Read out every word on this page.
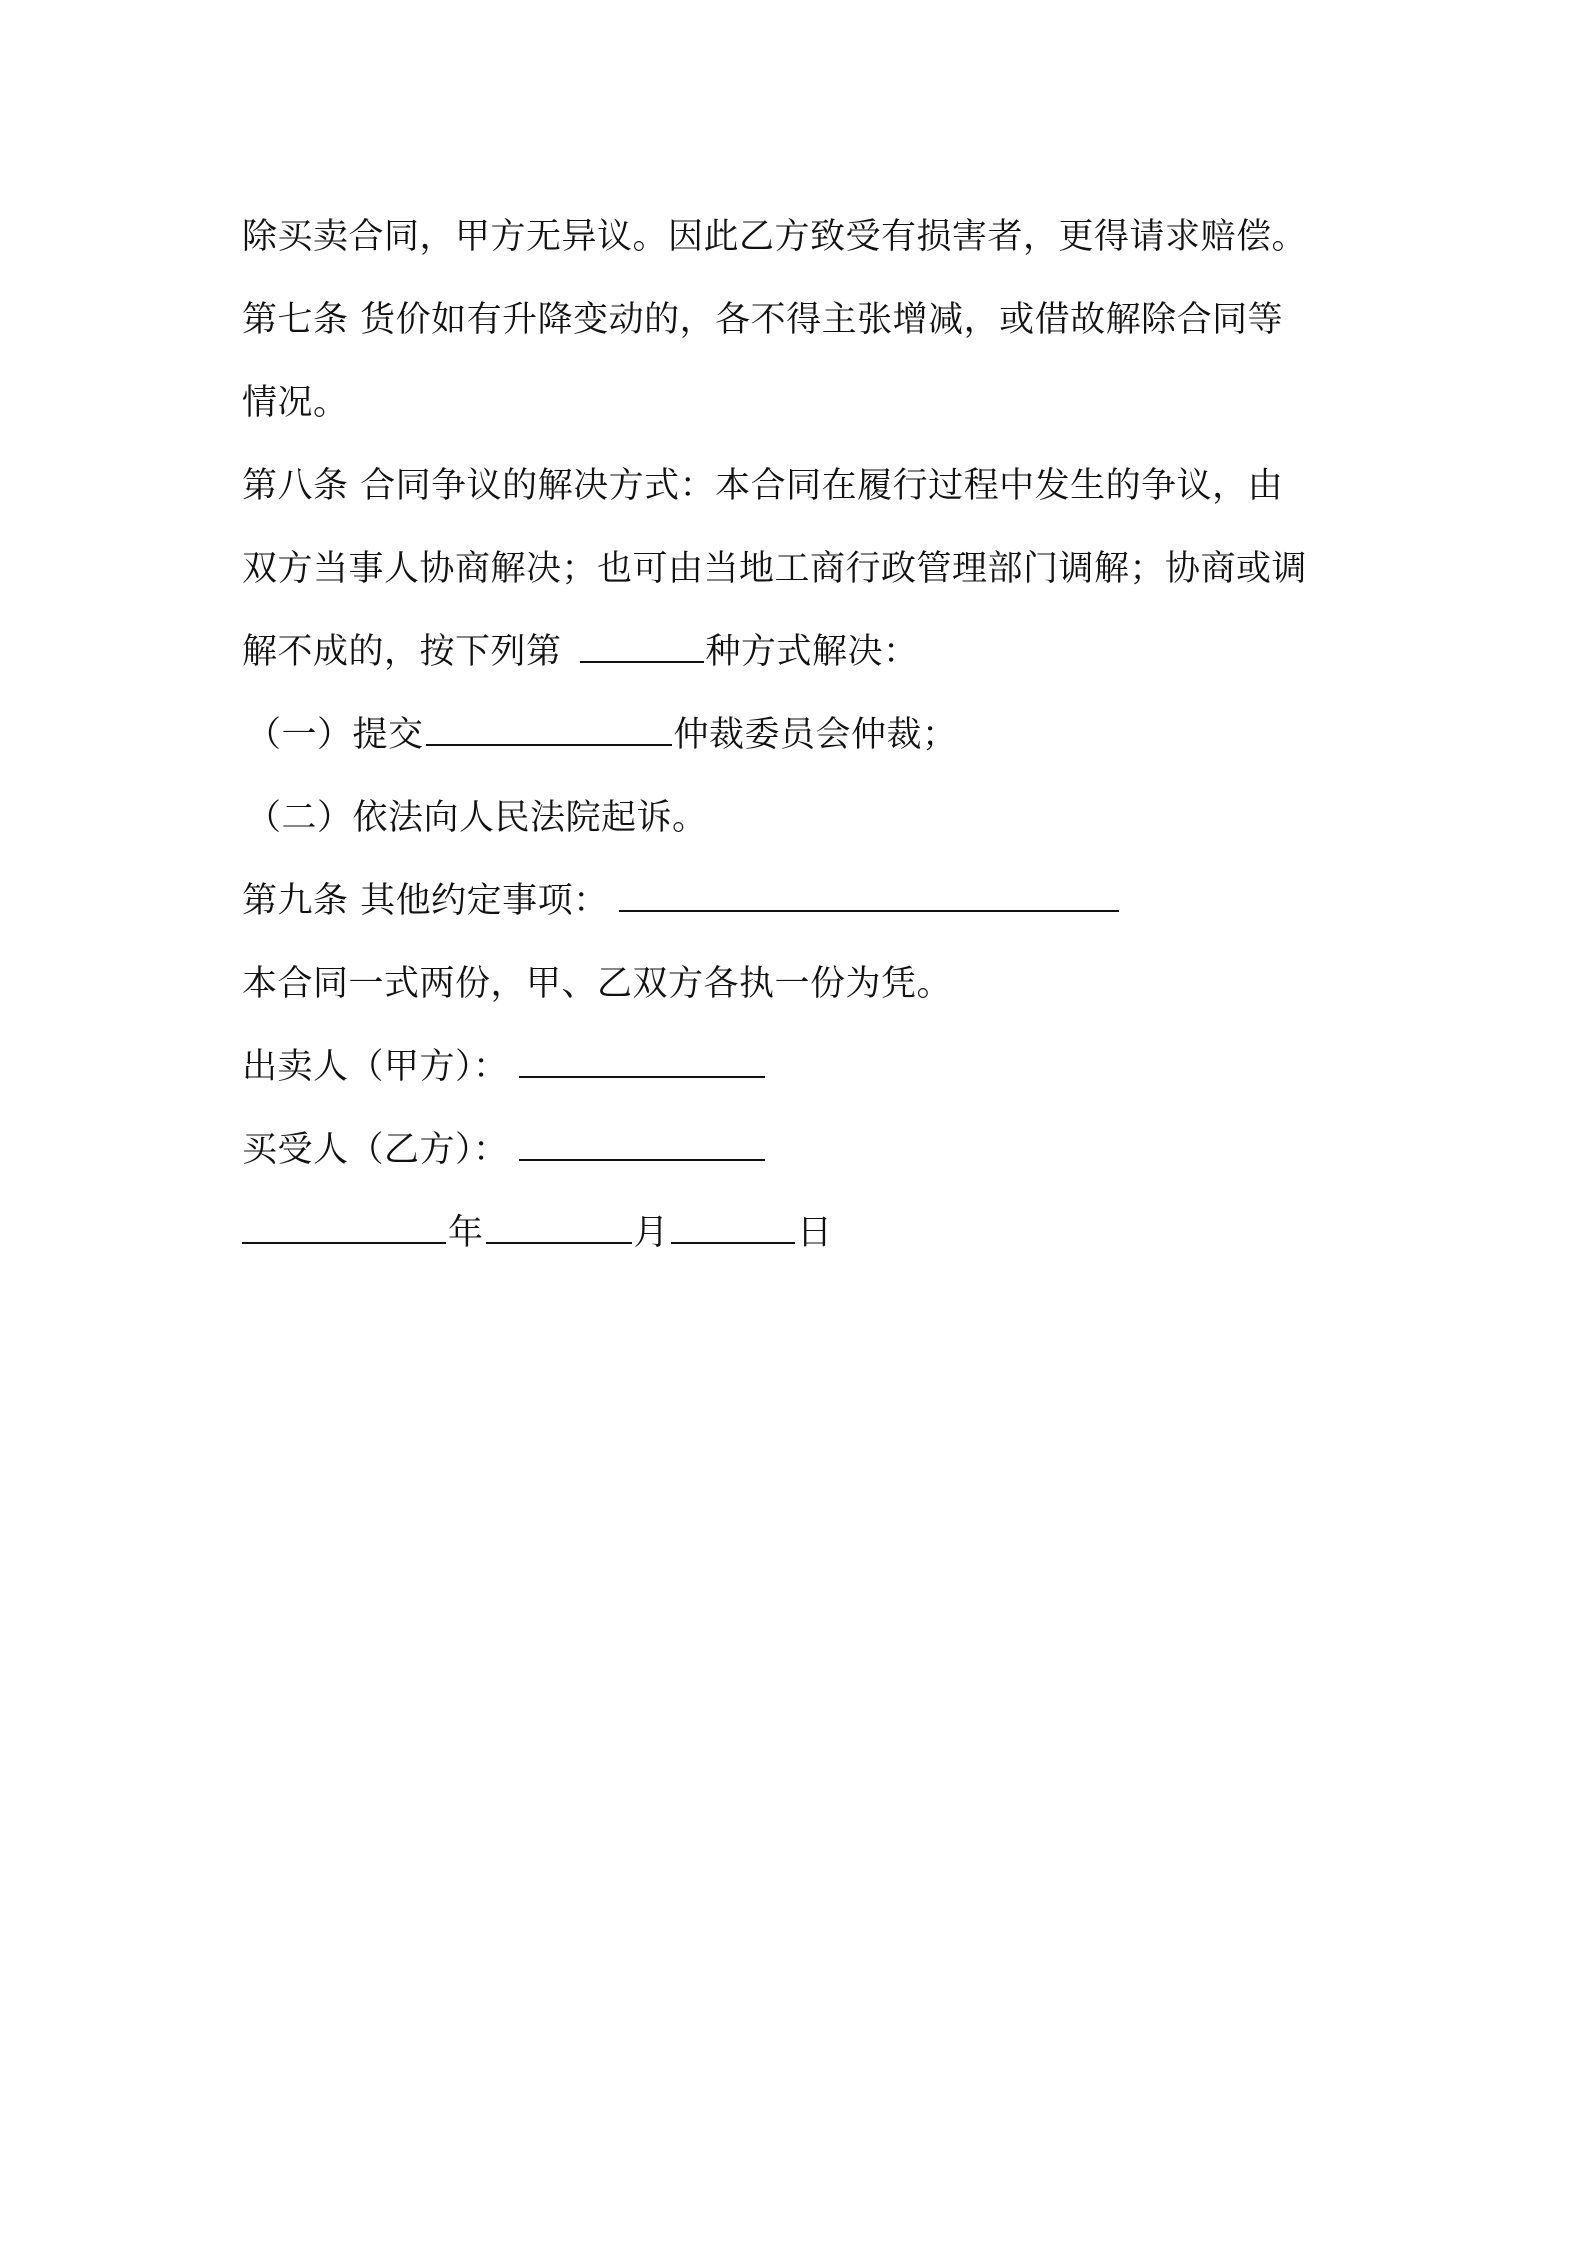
除买卖合同，甲方无异议。因此乙方致受有损害者，更得请求赔偿。
第七条 货价如有升降变动的，各不得主张增减，或借故解除合同等
情况。
第八条 合同争议的解决方式：本合同在履行过程中发生的争议，由
双方当事人协商解决；也可由当地工商行政管理部门调解；协商或调
解不成的，按下列第	种方式解决：
（一）提交	仲裁委员会仲裁；
（二）依法向人民法院起诉。
第九条 其他约定事项：
本合同一式两份，甲、乙双方各执一份为凭。
出卖人（甲方）：
买受人（乙方）：
年	月	日
